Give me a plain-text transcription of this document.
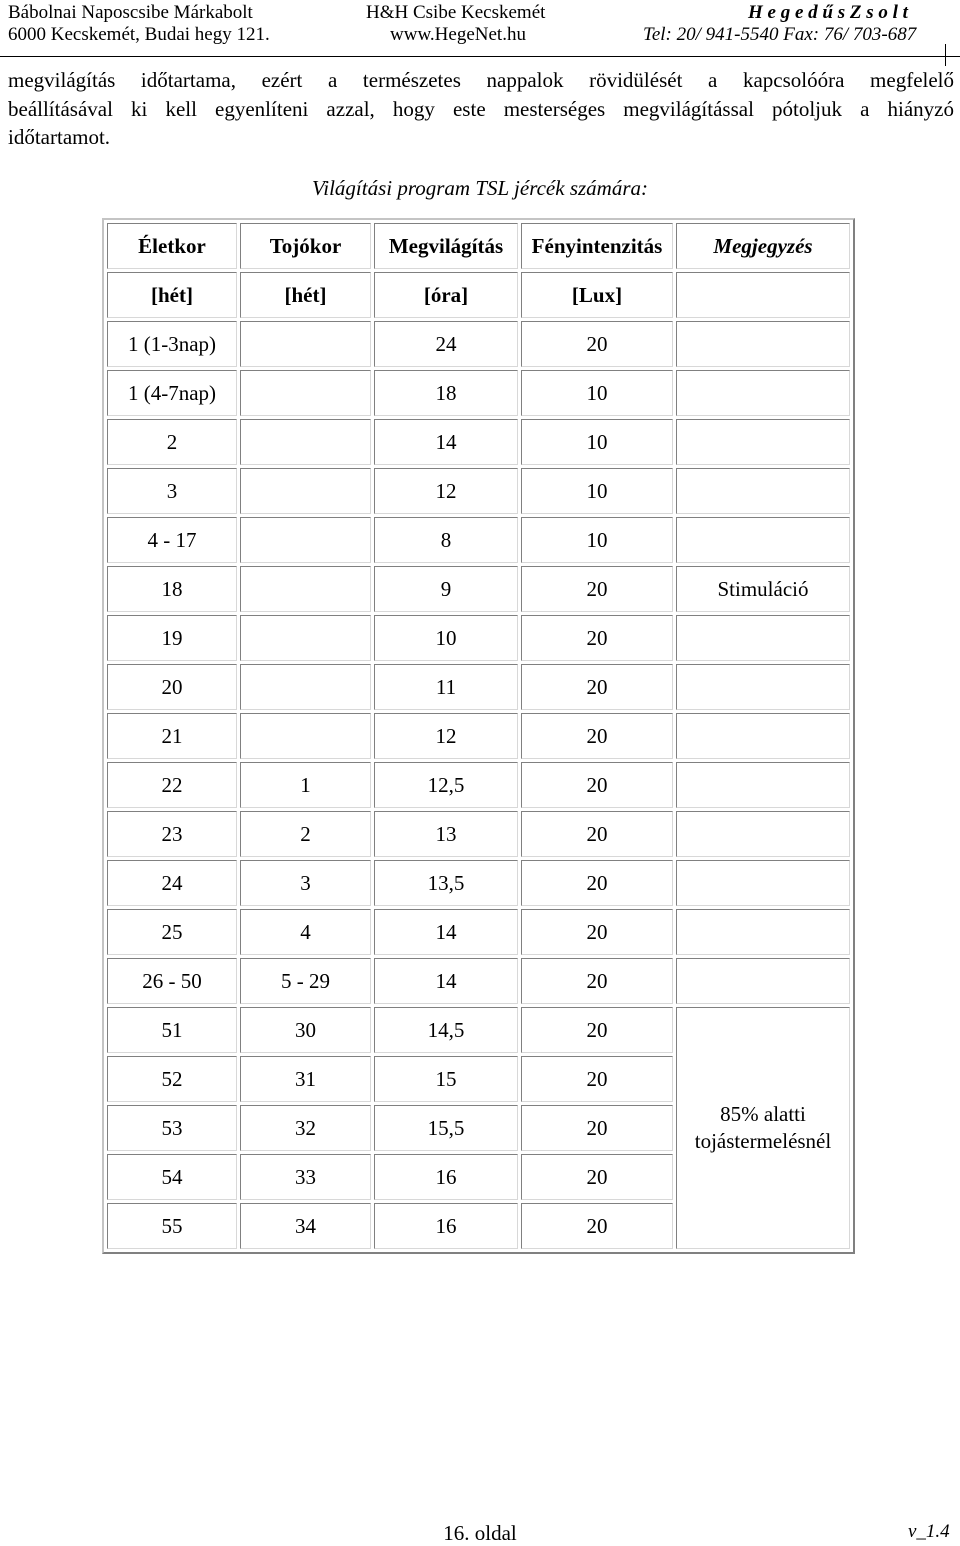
Bábolnai Naposcsibe Márkabolt
6000 Kecskemét, Budai hegy 121.
H&H Csibe Kecskemét
www.HegeNet.hu
H e g e d ű s Z s o l t
Tel: 20/ 941-5540 Fax: 76/ 703-687
megvilágítás időtartama, ezért a természetes nappalok rövidülését a kapcsolóóra megfelelő
beállításával ki kell egyenlíteni azzal, hogy este mesterséges megvilágítással pótoljuk a hiányzó
időtartamot.
Világítási program TSL jércék számára:
Életkor	Tojókor	Megvilágítás	Fényintenzitás	Megjegyzés
[hét]	[hét]	[óra]	[Lux]	
1 (1-3nap)		24	20	
1 (4-7nap)		18	10	
2		14	10	
3		12	10	
4 - 17		8	10	
18		9	20	Stimuláció
19		10	20	
20		11	20	
21		12	20	
22	1	12,5	20	
23	2	13	20	
24	3	13,5	20	
25	4	14	20	
26 - 50	5 - 29	14	20	
51	30	14,5	20	85% alatti
tojástermelésnél

52	31	15	20	
53	32	15,5	20	
54	33	16	20	
55	34	16	20	
16. oldal	v_1.4
